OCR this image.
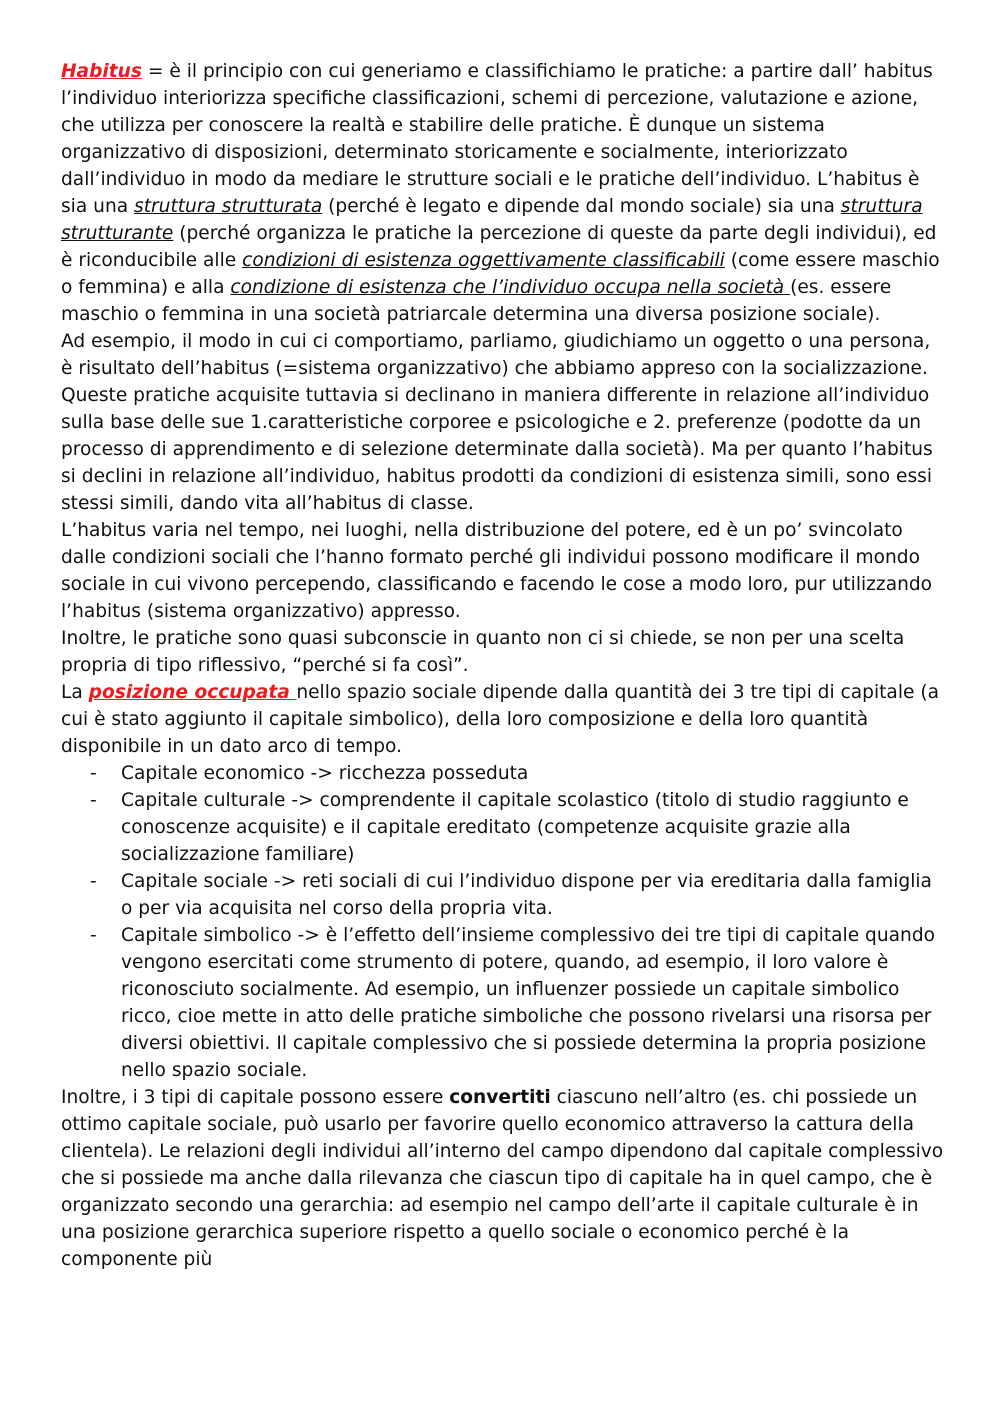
Habitus = è il principio con cui generiamo e classifichiamo le pratiche: a partire dall’ habitus l’individuo interiorizza specifiche classificazioni, schemi di percezione, valutazione e azione, che utilizza per conoscere la realtà e stabilire delle pratiche. È dunque un sistema organizzativo di disposizioni, determinato storicamente e socialmente, interiorizzato dall’individuo in modo da mediare le strutture sociali e le pratiche dell’individuo. L’habitus è sia una struttura strutturata (perché è legato e dipende dal mondo sociale) sia una struttura strutturante (perché organizza le pratiche la percezione di queste da parte degli individui), ed è riconducibile alle condizioni di esistenza oggettivamente classificabili (come essere maschio o femmina) e alla condizione di esistenza che l’individuo occupa nella società (es. essere maschio o femmina in una società patriarcale determina una diversa posizione sociale).

Ad esempio, il modo in cui ci comportiamo, parliamo, giudichiamo un oggetto o una persona, è risultato dell’habitus (=sistema organizzativo) che abbiamo appreso con la socializzazione.

Queste pratiche acquisite tuttavia si declinano in maniera differente in relazione all’individuo sulla base delle sue 1.caratteristiche corporee e psicologiche e 2. preferenze (podotte da un processo di apprendimento e di selezione determinate dalla società). Ma per quanto l’habitus si declini in relazione all’individuo, habitus prodotti da condizioni di esistenza simili, sono essi stessi simili, dando vita all’habitus di classe.

L’habitus varia nel tempo, nei luoghi, nella distribuzione del potere, ed è un po’ svincolato dalle condizioni sociali che l’hanno formato perché gli individui possono modificare il mondo sociale in cui vivono percependo, classificando e facendo le cose a modo loro, pur utilizzando l’habitus (sistema organizzativo) appresso.

Inoltre, le pratiche sono quasi subconscie in quanto non ci si chiede, se non per una scelta propria di tipo riflessivo, “perché si fa così”.

La posizione occupata nello spazio sociale dipende dalla quantità dei 3 tre tipi di capitale (a cui è stato aggiunto il capitale simbolico), della loro composizione e della loro quantità disponibile in un dato arco di tempo.

- Capitale economico -> ricchezza posseduta
- Capitale culturale -> comprendente il capitale scolastico (titolo di studio raggiunto e conoscenze acquisite) e il capitale ereditato (competenze acquisite grazie alla socializzazione familiare)
- Capitale sociale -> reti sociali di cui l’individuo dispone per via ereditaria dalla famiglia o per via acquisita nel corso della propria vita.
- Capitale simbolico -> è l’effetto dell’insieme complessivo dei tre tipi di capitale quando vengono esercitati come strumento di potere, quando, ad esempio, il loro valore è riconosciuto socialmente. Ad esempio, un influenzer possiede un capitale simbolico ricco, cioe mette in atto delle pratiche simboliche che possono rivelarsi una risorsa per diversi obiettivi. Il capitale complessivo che si possiede determina la propria posizione nello spazio sociale.

Inoltre, i 3 tipi di capitale possono essere convertiti ciascuno nell’altro (es. chi possiede un ottimo capitale sociale, può usarlo per favorire quello economico attraverso la cattura della clientela). Le relazioni degli individui all’interno del campo dipendono dal capitale complessivo che si possiede ma anche dalla rilevanza che ciascun tipo di capitale ha in quel campo, che è organizzato secondo una gerarchia: ad esempio nel campo dell’arte il capitale culturale è in una posizione gerarchica superiore rispetto a quello sociale o economico perché è la componente più
